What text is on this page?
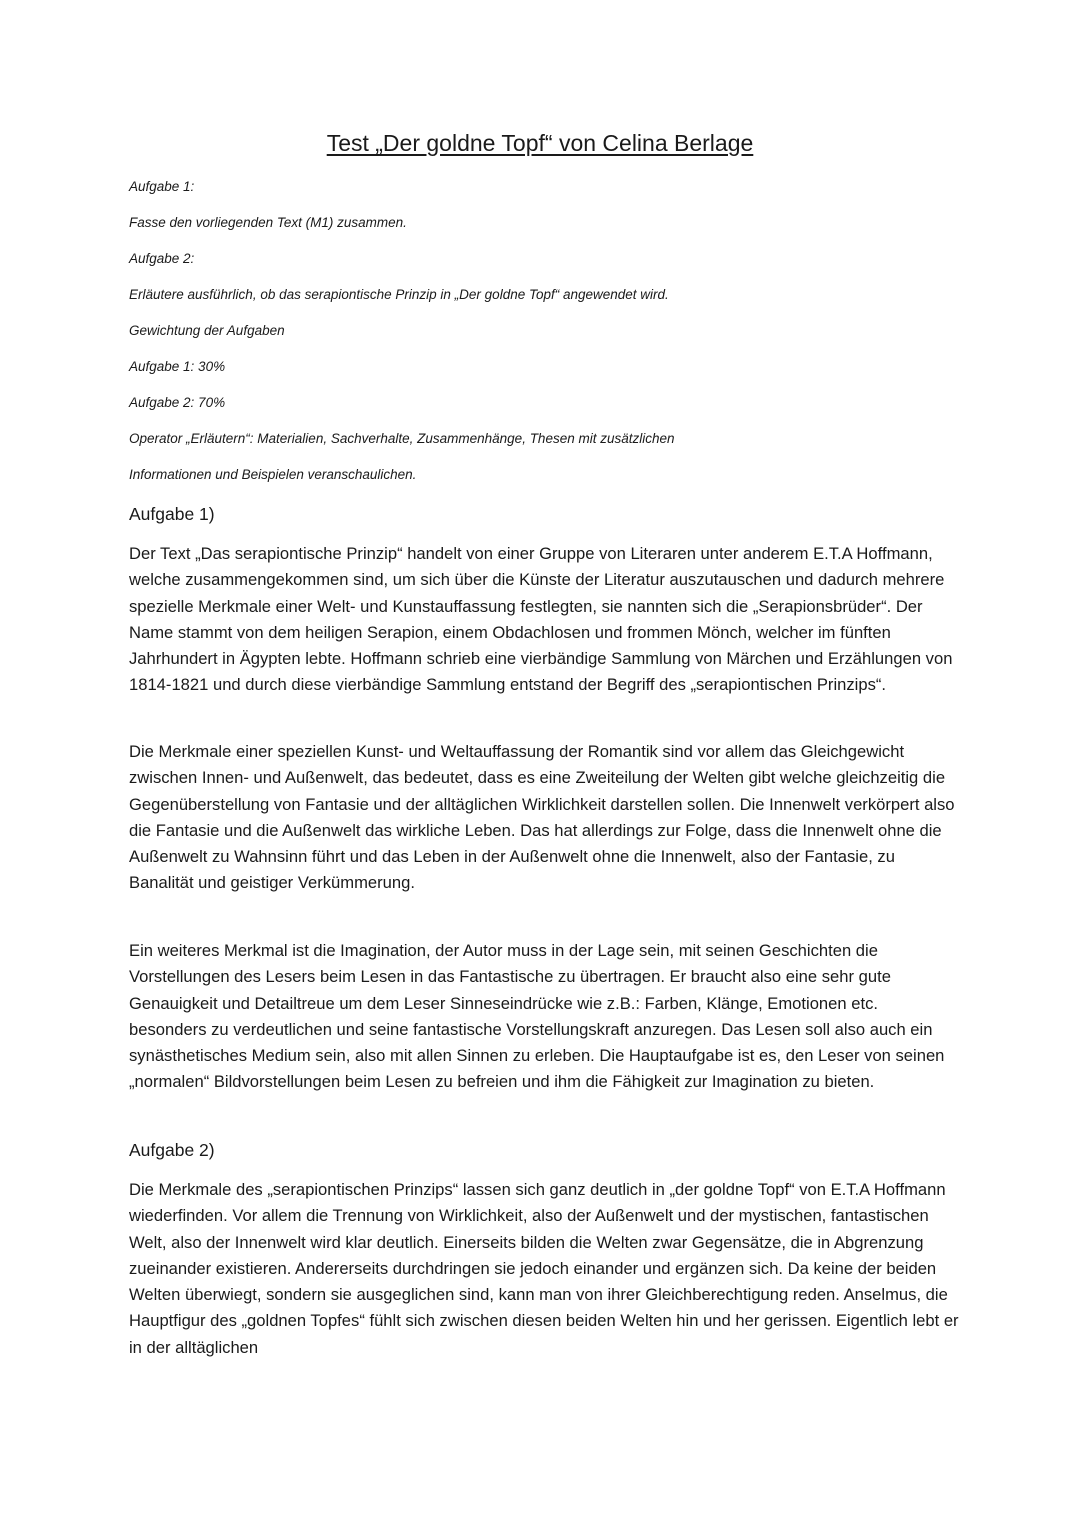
Test „Der goldne Topf“ von Celina Berlage

Aufgabe 1:

Fasse den vorliegenden Text (M1) zusammen.

Aufgabe 2:

Erläutere ausführlich, ob das serapiontische Prinzip in „Der goldne Topf“ angewendet wird.

Gewichtung der Aufgaben

Aufgabe 1: 30%

Aufgabe 2: 70%

Operator „Erläutern“: Materialien, Sachverhalte, Zusammenhänge, Thesen mit zusätzlichen

Informationen und Beispielen veranschaulichen.

Aufgabe 1)

Der Text „Das serapiontische Prinzip“ handelt von einer Gruppe von Literaren unter anderem E.T.A Hoffmann, welche zusammengekommen sind, um sich über die Künste der Literatur auszutauschen und dadurch mehrere spezielle Merkmale einer Welt- und Kunstauffassung festlegten, sie nannten sich die „Serapionsbrüder“. Der Name stammt von dem heiligen Serapion, einem Obdachlosen und frommen Mönch, welcher im fünften Jahrhundert in Ägypten lebte. Hoffmann schrieb eine vierbändige Sammlung von Märchen und Erzählungen von 1814-1821 und durch diese vierbändige Sammlung entstand der Begriff des „serapiontischen Prinzips“.

Die Merkmale einer speziellen Kunst- und Weltauffassung der Romantik sind vor allem das Gleichgewicht zwischen Innen- und Außenwelt, das bedeutet, dass es eine Zweiteilung der Welten gibt welche gleichzeitig die Gegenüberstellung von Fantasie und der alltäglichen Wirklichkeit darstellen sollen. Die Innenwelt verkörpert also die Fantasie und die Außenwelt das wirkliche Leben. Das hat allerdings zur Folge, dass die Innenwelt ohne die Außenwelt zu Wahnsinn führt und das Leben in der Außenwelt ohne die Innenwelt, also der Fantasie, zu Banalität und geistiger Verkümmerung.

Ein weiteres Merkmal ist die Imagination, der Autor muss in der Lage sein, mit seinen Geschichten die Vorstellungen des Lesers beim Lesen in das Fantastische zu übertragen. Er braucht also eine sehr gute Genauigkeit und Detailtreue um dem Leser Sinneseindrücke wie z.B.: Farben, Klänge, Emotionen etc. besonders zu verdeutlichen und seine fantastische Vorstellungskraft anzuregen. Das Lesen soll also auch ein synästhetisches Medium sein, also mit allen Sinnen zu erleben. Die Hauptaufgabe ist es, den Leser von seinen „normalen“ Bildvorstellungen beim Lesen zu befreien und ihm die Fähigkeit zur Imagination zu bieten.

Aufgabe 2)

Die Merkmale des „serapiontischen Prinzips“ lassen sich ganz deutlich in „der goldne Topf“ von E.T.A Hoffmann wiederfinden. Vor allem die Trennung von Wirklichkeit, also der Außenwelt und der mystischen, fantastischen Welt, also der Innenwelt wird klar deutlich. Einerseits bilden die Welten zwar Gegensätze, die in Abgrenzung zueinander existieren. Andererseits durchdringen sie jedoch einander und ergänzen sich. Da keine der beiden Welten überwiegt, sondern sie ausgeglichen sind, kann man von ihrer Gleichberechtigung reden. Anselmus, die Hauptfigur des „goldnen Topfes“ fühlt sich zwischen diesen beiden Welten hin und her gerissen. Eigentlich lebt er in der alltäglichen
